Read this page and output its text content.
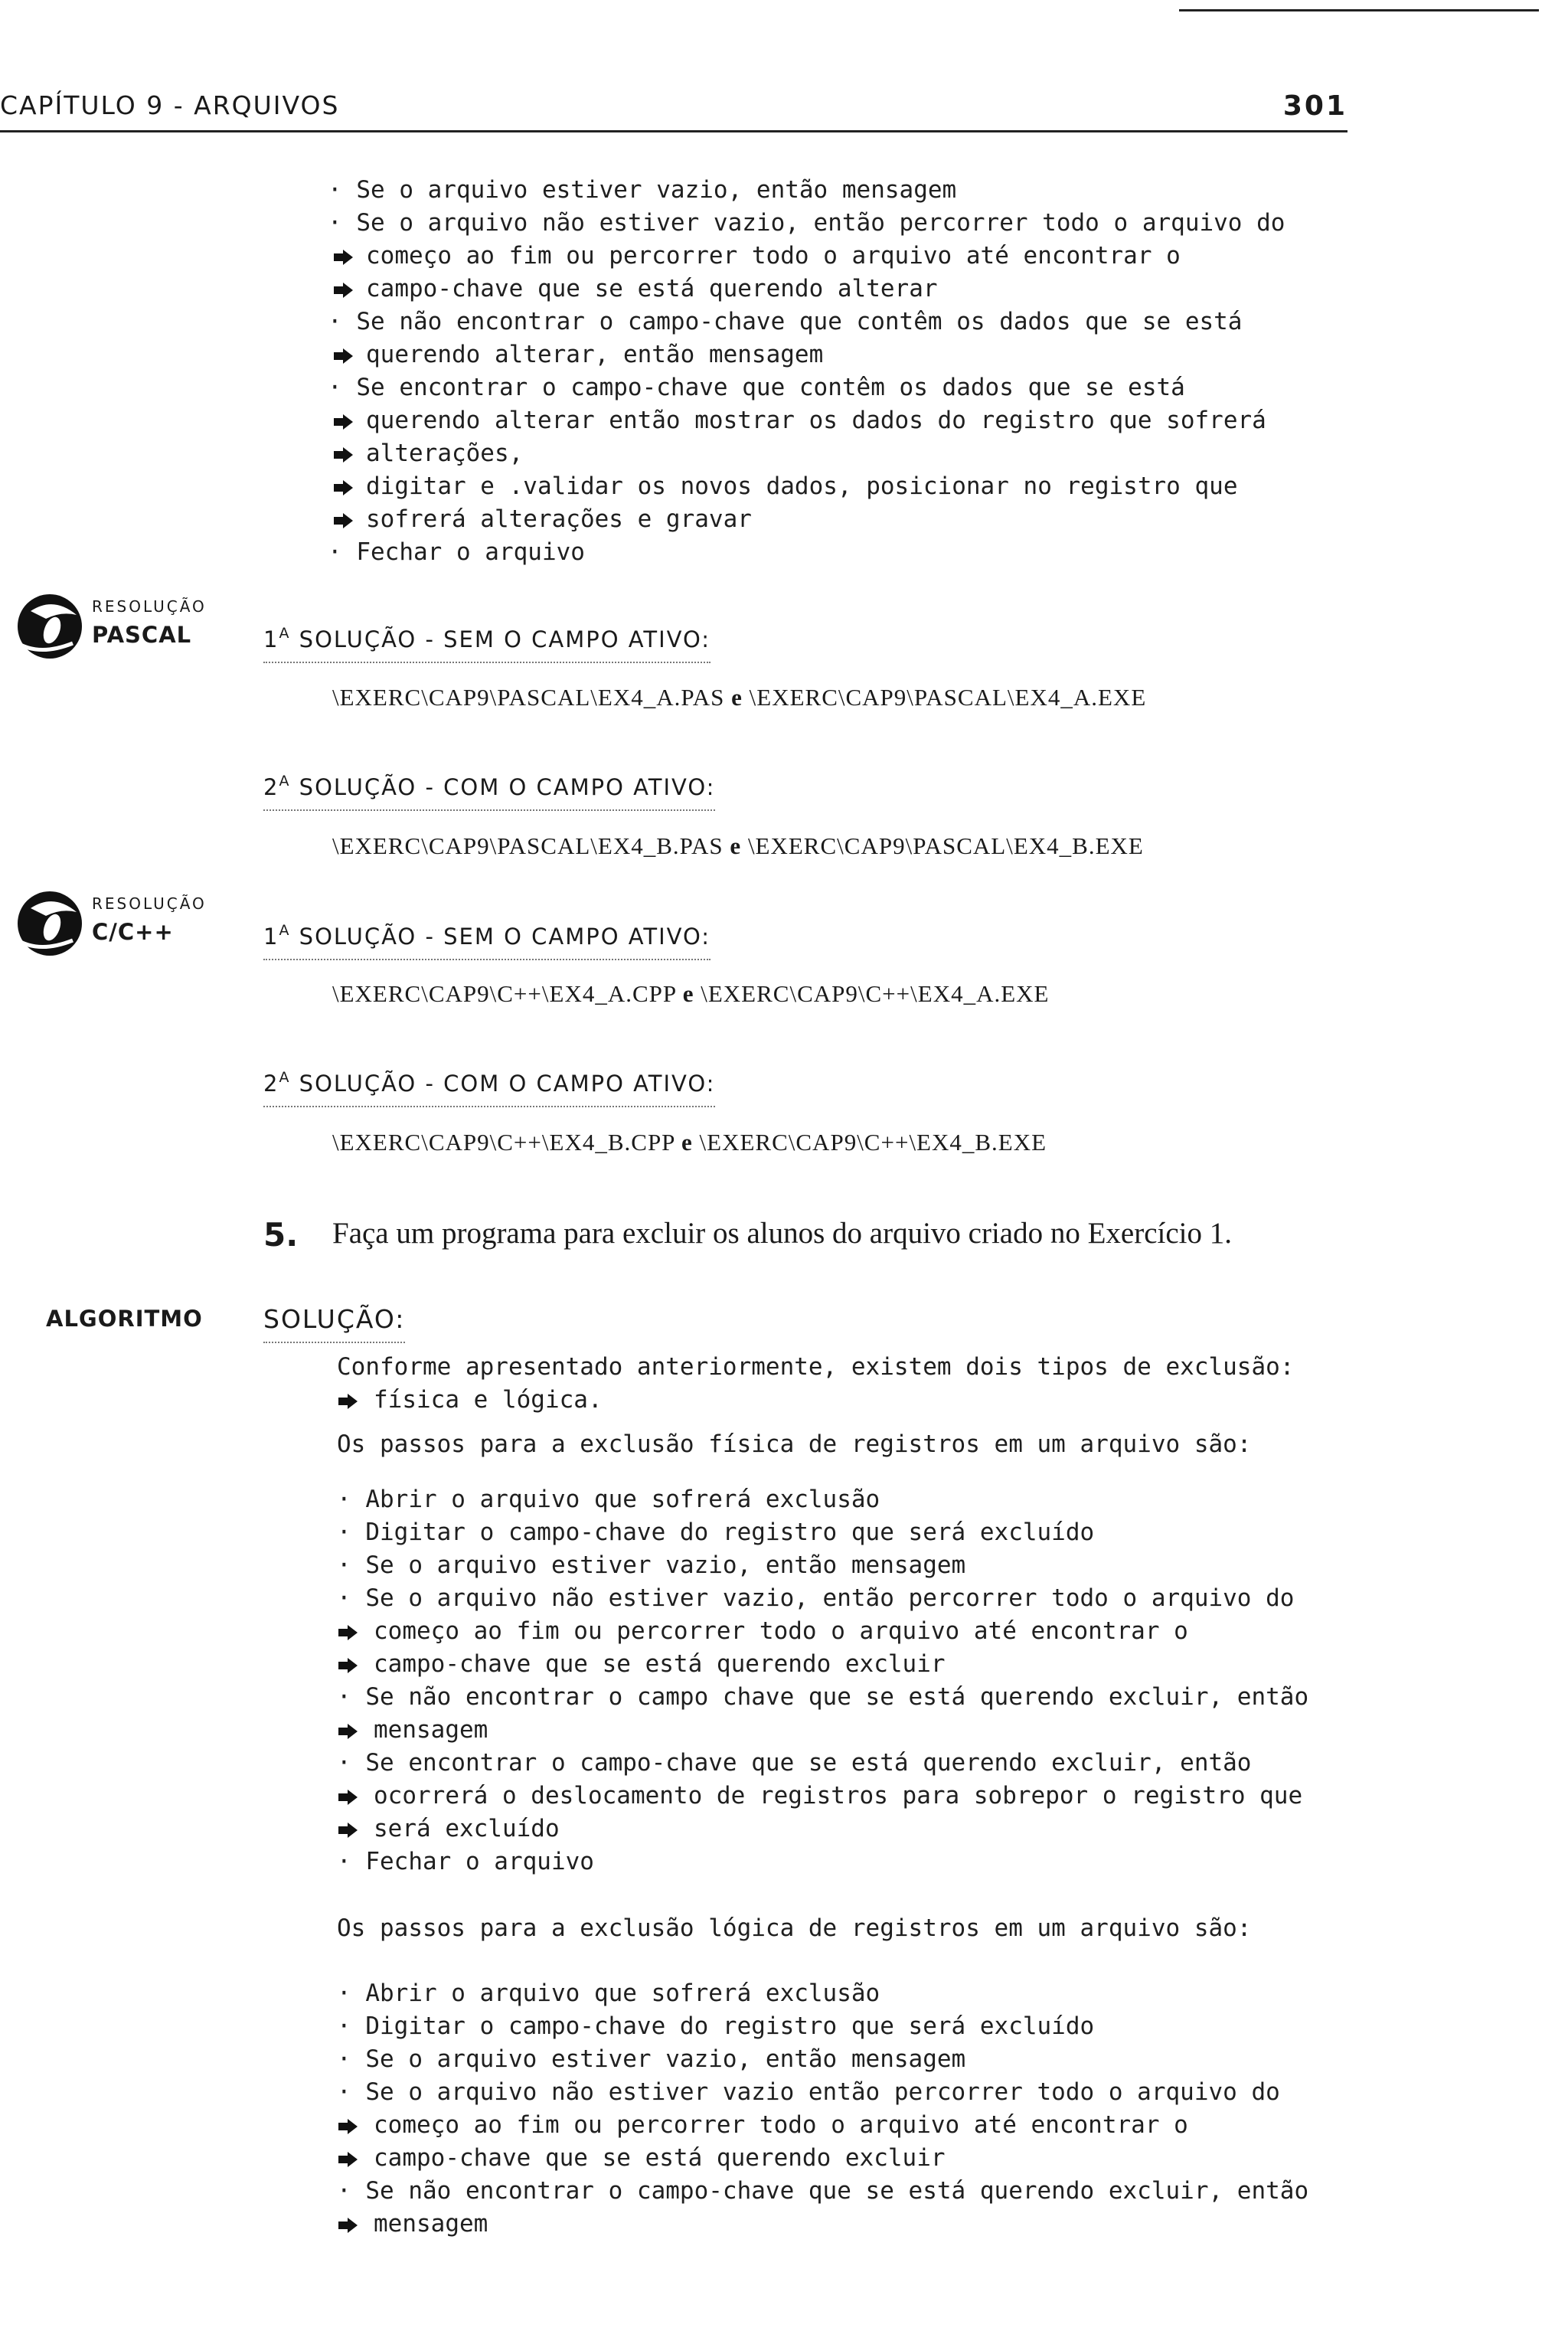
CAPÍTULO 9 - ARQUIVOS	301
· Se o arquivo estiver vazio, então mensagem
· Se o arquivo não estiver vazio, então percorrer todo o arquivo do
começo ao fim ou percorrer todo o arquivo até encontrar o
campo-chave que se está querendo alterar
· Se não encontrar o campo-chave que contêm os dados que se está
querendo alterar, então mensagem
· Se encontrar o campo-chave que contêm os dados que se está
querendo alterar então mostrar os dados do registro que sofrerá
alterações,
digitar e .validar os novos dados, posicionar no registro que
sofrerá alterações e gravar
· Fechar o arquivo
RESOLUÇÃO
PASCAL	$1^A$ SOLUÇÃO - SEM O CAMPO ATIVO:
\EXERC\CAP9\PASCAL\EX4_A.PAS e \EXERC\CAP9\PASCAL\EX4_A.EXE
$2^A$ SOLUÇÃO - COM O CAMPO ATIVO:
\EXERC\CAP9\PASCAL\EX4_B.PAS e \EXERC\CAP9\PASCAL\EX4_B.EXE
RESOLUÇÃO
C/C++	$1^A$ SOLUÇÃO - SEM O CAMPO ATIVO:
\EXERC\CAP9\C++\EX4_A.CPP e \EXERC\CAP9\C++\EX4_A.EXE
$2^A$ SOLUÇÃO - COM O CAMPO ATIVO:
\EXERC\CAP9\C++\EX4_B.CPP e \EXERC\CAP9\C++\EX4_B.EXE
5. Faça um programa para excluir os alunos do arquivo criado no Exercício 1.
ALGORITMO SOLUÇÃO:
Conforme apresentado anteriormente, existem dois tipos de exclusão:
física e lógica.
Os passos para a exclusão física de registros em um arquivo são:
· Abrir o arquivo que sofrerá exclusão
· Digitar o campo-chave do registro que será excluído
· Se o arquivo estiver vazio, então mensagem
· Se o arquivo não estiver vazio, então percorrer todo o arquivo do
começo ao fim ou percorrer todo o arquivo até encontrar o
campo-chave que se está querendo excluir
· Se não encontrar o campo chave que se está querendo excluir, então
mensagem
· Se encontrar o campo-chave que se está querendo excluir, então
ocorrerá o deslocamento de registros para sobrepor o registro que
será excluído
· Fechar o arquivo
Os passos para a exclusão lógica de registros em um arquivo são:
· Abrir o arquivo que sofrerá exclusão
· Digitar o campo-chave do registro que será excluído
· Se o arquivo estiver vazio, então mensagem
· Se o arquivo não estiver vazio então percorrer todo o arquivo do
começo ao fim ou percorrer todo o arquivo até encontrar o
campo-chave que se está querendo excluir
· Se não encontrar o campo-chave que se está querendo excluir, então
mensagem
